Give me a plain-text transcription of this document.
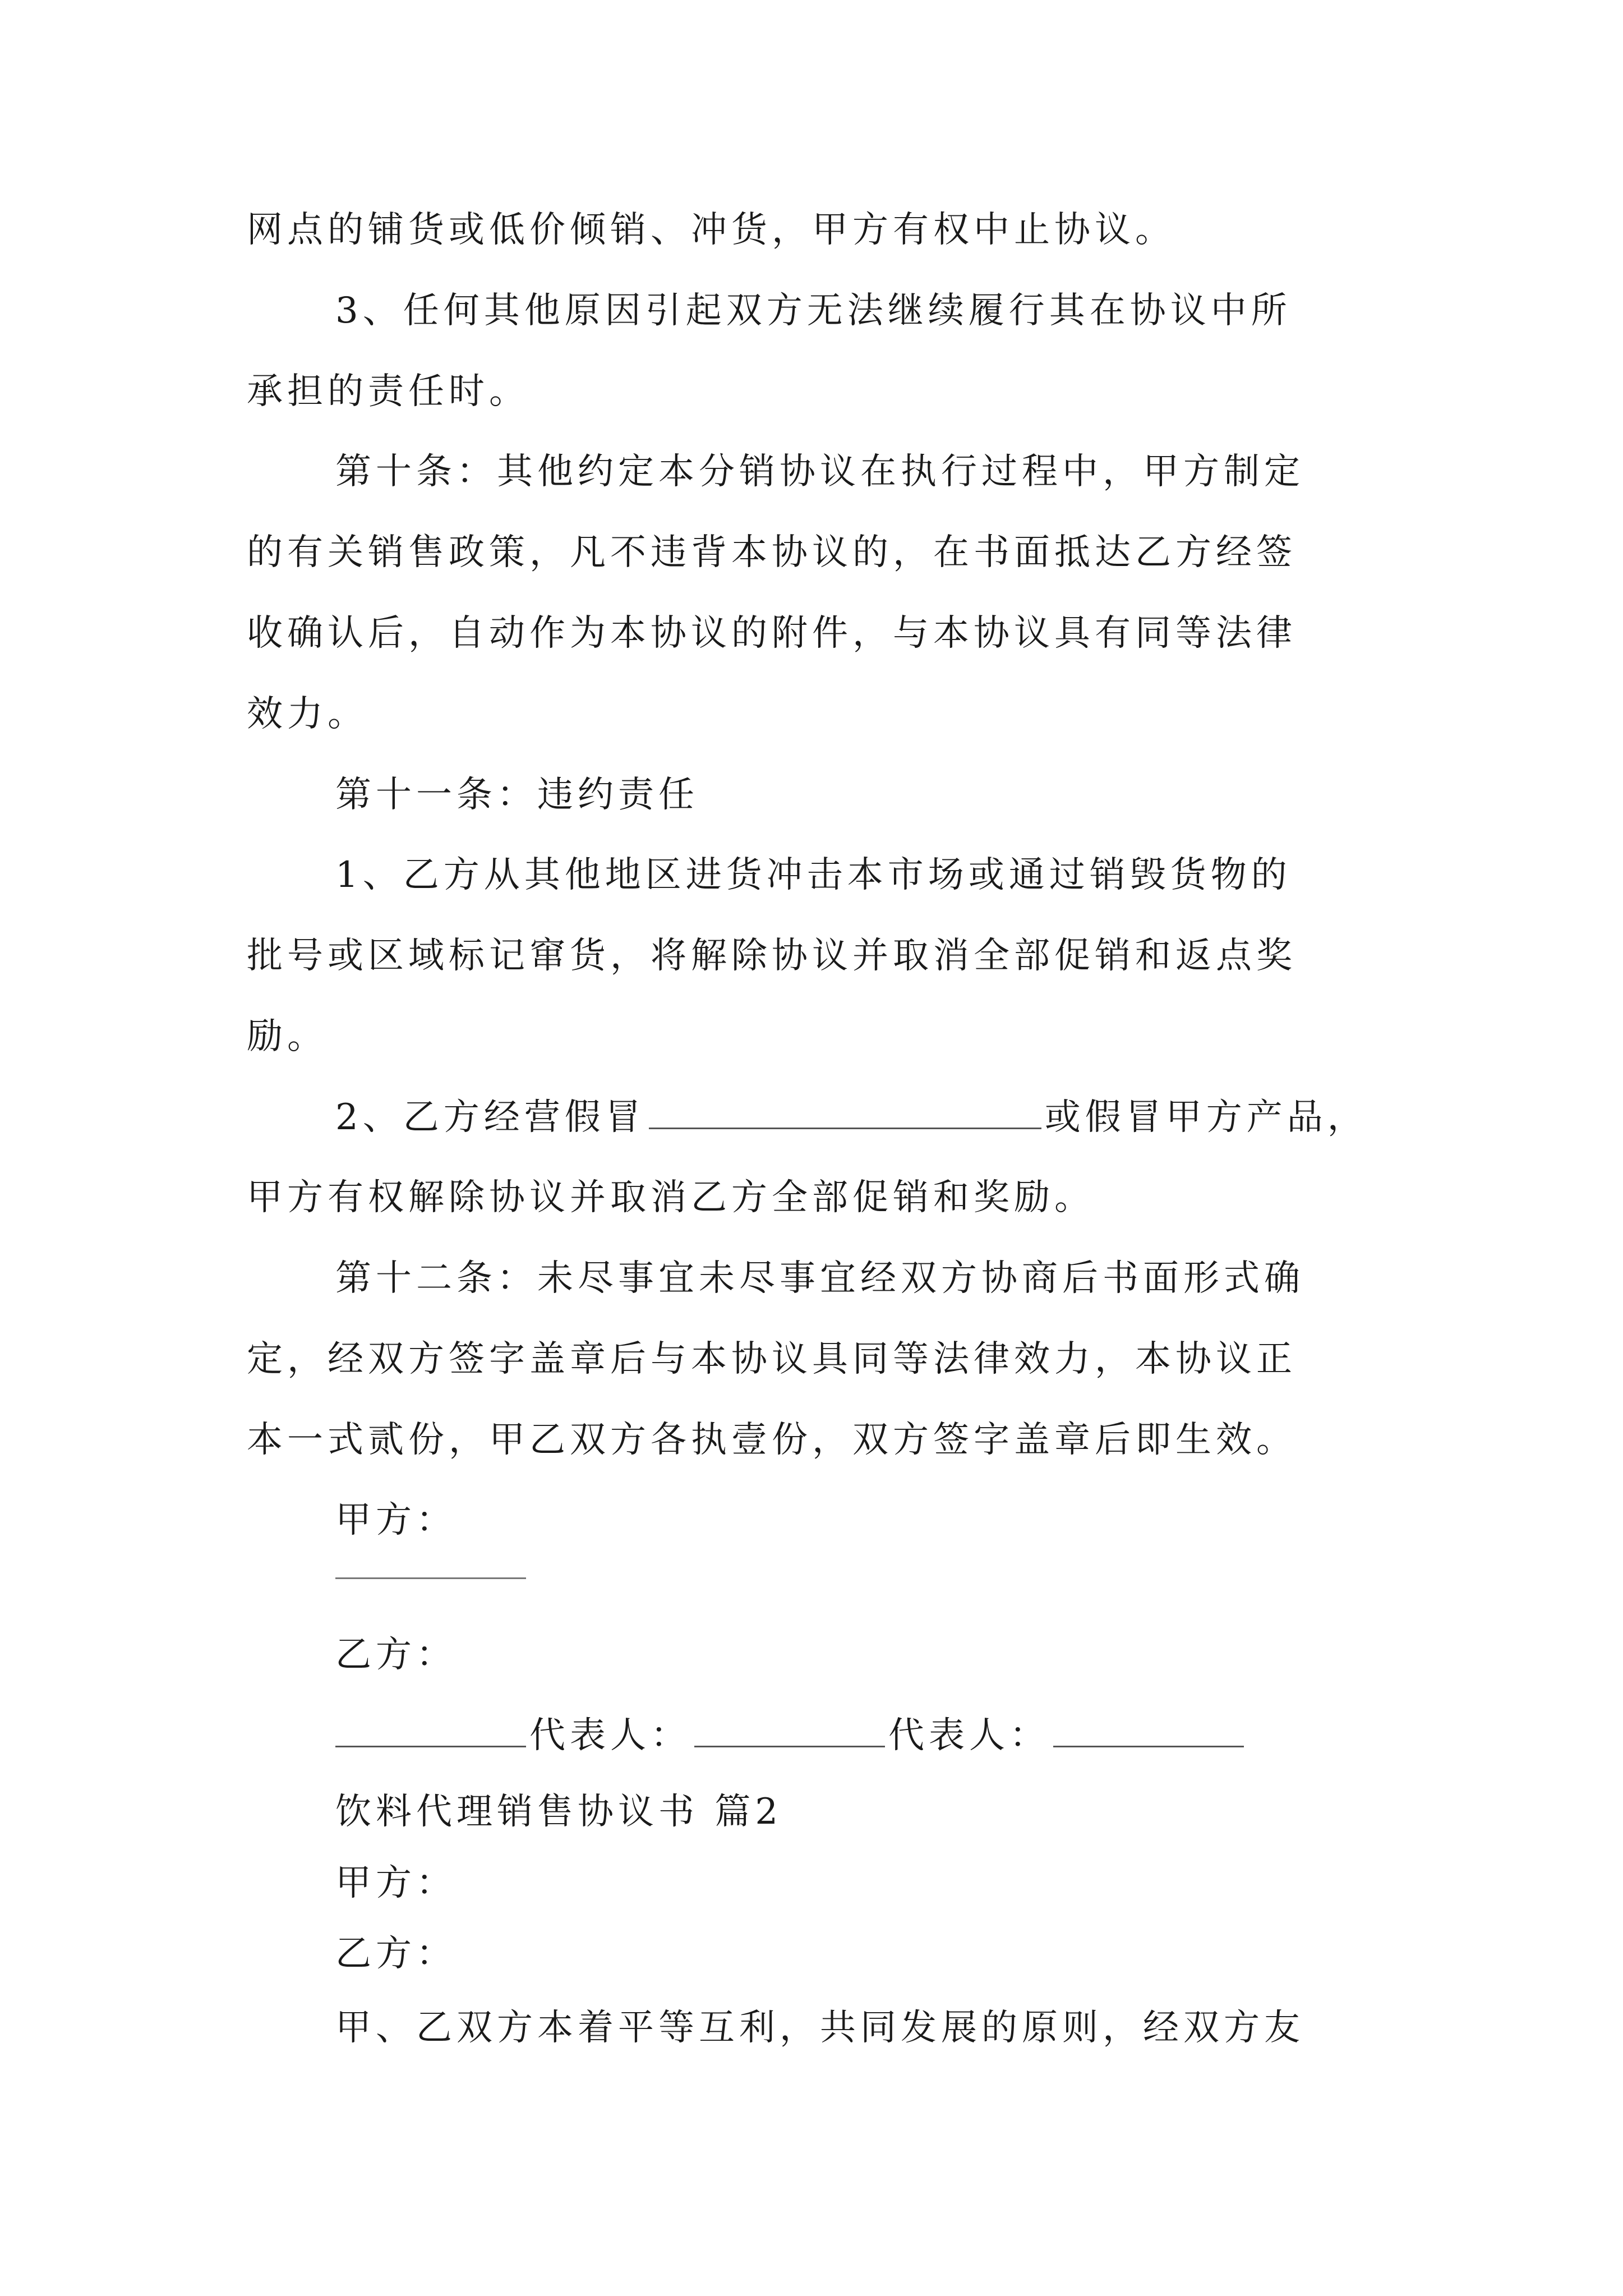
网点的铺货或低价倾销、冲货，甲方有权中止协议。
3、任何其他原因引起双方无法继续履行其在协议中所
承担的责任时。
第十条：其他约定本分销协议在执行过程中，甲方制定
的有关销售政策，凡不违背本协议的，在书面抵达乙方经签
收确认后，自动作为本协议的附件，与本协议具有同等法律
效力。
第十一条：违约责任
1、乙方从其他地区进货冲击本市场或通过销毁货物的
批号或区域标记窜货，将解除协议并取消全部促销和返点奖
励。
2、乙方经营假冒	或假冒甲方产品，
甲方有权解除协议并取消乙方全部促销和奖励。
第十二条：未尽事宜未尽事宜经双方协商后书面形式确
定，经双方签字盖章后与本协议具同等法律效力，本协议正
本一式贰份，甲乙双方各执壹份，双方签字盖章后即生效。
甲方：
乙方：
代表人：	代表人：
饮料代理销售协议书 篇2
甲方：
乙方：
甲、乙双方本着平等互利，共同发展的原则，经双方友
